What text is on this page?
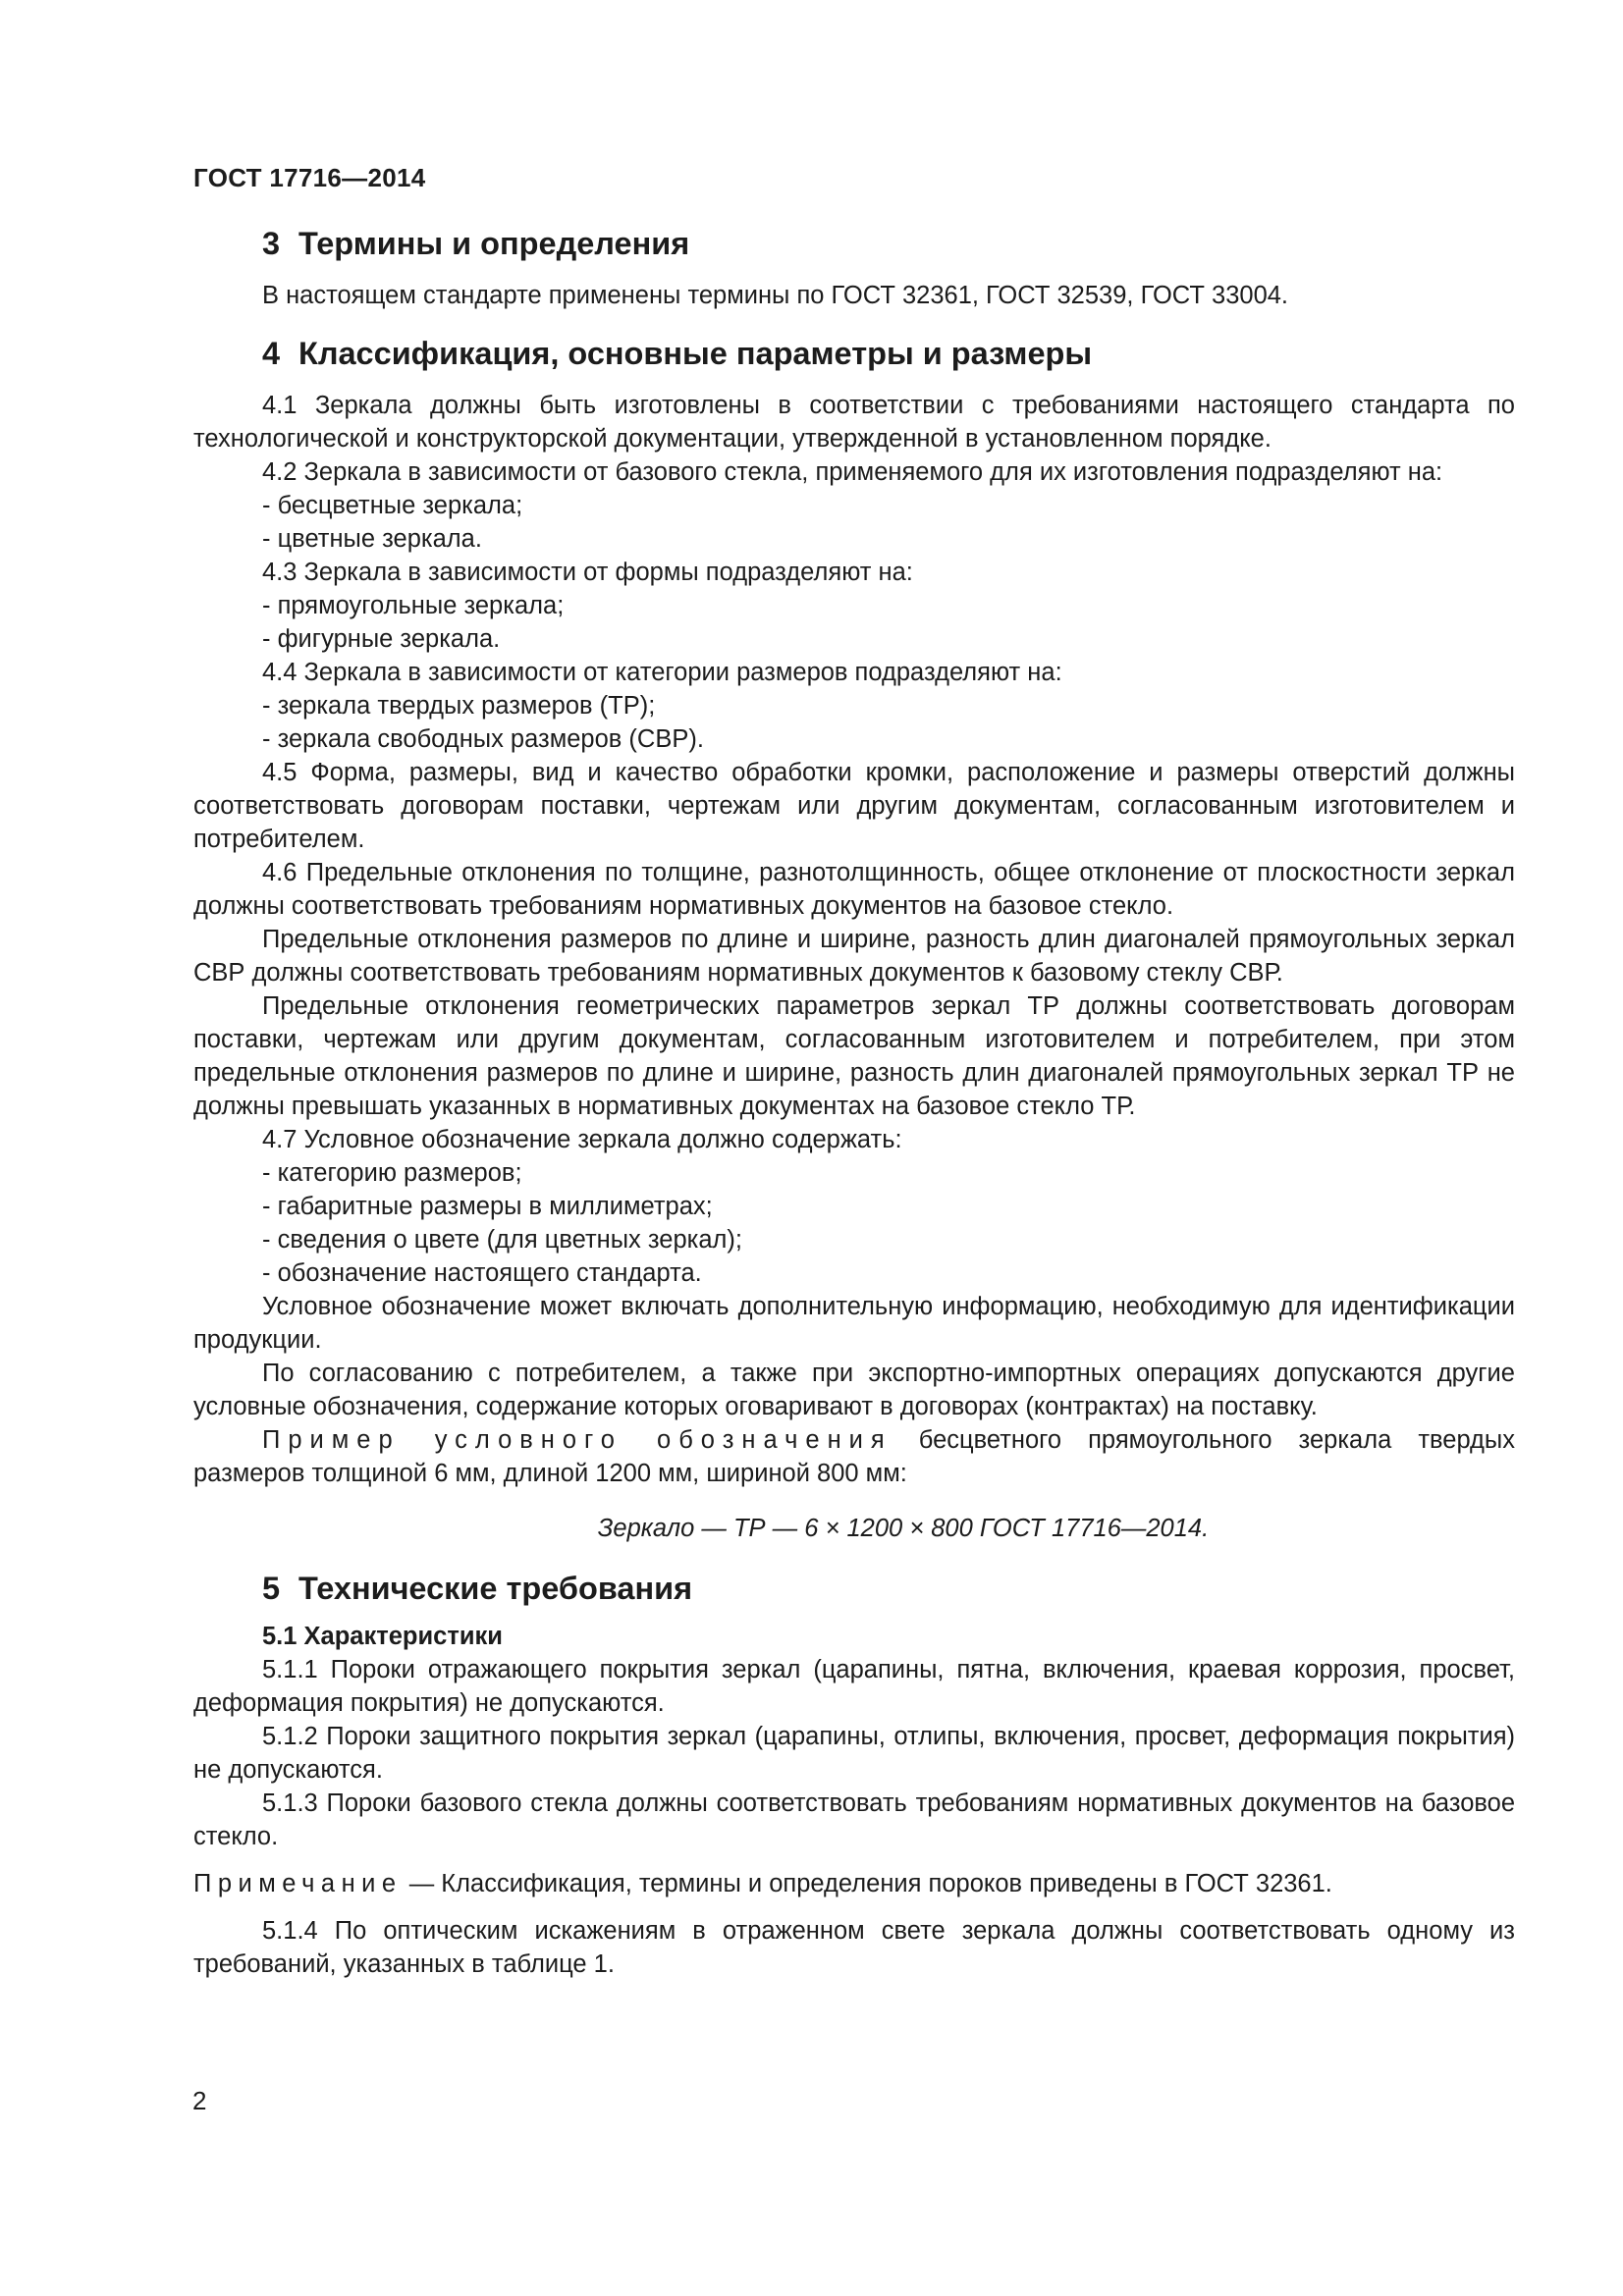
ГОСТ 17716—2014
3 Термины и определения

В настоящем стандарте применены термины по ГОСТ 32361, ГОСТ 32539, ГОСТ 33004.

4 Классификация, основные параметры и размеры

4.1 Зеркала должны быть изготовлены в соответствии с требованиями настоящего стандарта по технологической и конструкторской документации, утвержденной в установленном порядке.

4.2 Зеркала в зависимости от базового стекла, применяемого для их изготовления подразделяют на:

- бесцветные зеркала;

- цветные зеркала.

4.3 Зеркала в зависимости от формы подразделяют на:

- прямоугольные зеркала;

- фигурные зеркала.

4.4 Зеркала в зависимости от категории размеров подразделяют на:

- зеркала твердых размеров (ТР);

- зеркала свободных размеров (СВР).

4.5 Форма, размеры, вид и качество обработки кромки, расположение и размеры отверстий должны соответствовать договорам поставки, чертежам или другим документам, согласованным изготовителем и потребителем.

4.6 Предельные отклонения по толщине, разнотолщинность, общее отклонение от плоскостности зеркал должны соответствовать требованиям нормативных документов на базовое стекло.

Предельные отклонения размеров по длине и ширине, разность длин диагоналей прямоугольных зеркал СВР должны соответствовать требованиям нормативных документов к базовому стеклу СВР.

Предельные отклонения геометрических параметров зеркал ТР должны соответствовать договорам поставки, чертежам или другим документам, согласованным изготовителем и потребителем, при этом предельные отклонения размеров по длине и ширине, разность длин диагоналей прямоугольных зеркал ТР не должны превышать указанных в нормативных документах на базовое стекло ТР.

4.7 Условное обозначение зеркала должно содержать:

- категорию размеров;

- габаритные размеры в миллиметрах;

- сведения о цвете (для цветных зеркал);

- обозначение настоящего стандарта.

Условное обозначение может включать дополнительную информацию, необходимую для идентификации продукции.

По согласованию с потребителем, а также при экспортно-импортных операциях допускаются другие условные обозначения, содержание которых оговаривают в договорах (контрактах) на поставку.

Пример условного обозначения бесцветного прямоугольного зеркала твердых размеров толщиной 6 мм, длиной 1200 мм, шириной 800 мм:

Зеркало — ТР — 6 × 1200 × 800 ГОСТ 17716—2014.

5 Технические требования
5.1 Характеристики

5.1.1 Пороки отражающего покрытия зеркал (царапины, пятна, включения, краевая коррозия, просвет, деформация покрытия) не допускаются.

5.1.2 Пороки защитного покрытия зеркал (царапины, отлипы, включения, просвет, деформация покрытия) не допускаются.

5.1.3 Пороки базового стекла должны соответствовать требованиям нормативных документов на базовое стекло.

Примечание — Классификация, термины и определения пороков приведены в ГОСТ 32361.

5.1.4 По оптическим искажениям в отраженном свете зеркала должны соответствовать одному из требований, указанных в таблице 1.

2
